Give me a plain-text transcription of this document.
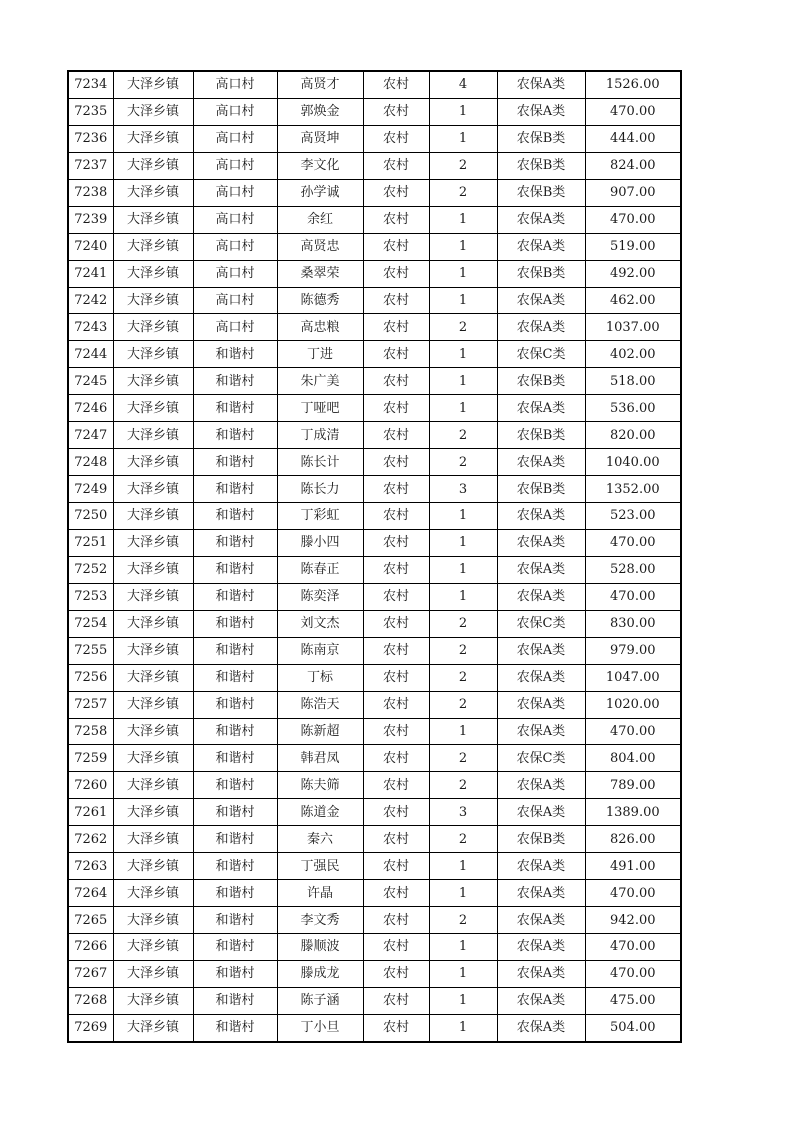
7234	大泽乡镇	高口村	高贤才	农村	4	农保A类	1526.00
7235	大泽乡镇	高口村	郭焕金	农村	1	农保A类	470.00
7236	大泽乡镇	高口村	高贤坤	农村	1	农保B类	444.00
7237	大泽乡镇	高口村	李文化	农村	2	农保B类	824.00
7238	大泽乡镇	高口村	孙学诚	农村	2	农保B类	907.00
7239	大泽乡镇	高口村	余红	农村	1	农保A类	470.00
7240	大泽乡镇	高口村	高贤忠	农村	1	农保A类	519.00
7241	大泽乡镇	高口村	桑翠荣	农村	1	农保B类	492.00
7242	大泽乡镇	高口村	陈德秀	农村	1	农保A类	462.00
7243	大泽乡镇	高口村	高忠粮	农村	2	农保A类	1037.00
7244	大泽乡镇	和谐村	丁进	农村	1	农保C类	402.00
7245	大泽乡镇	和谐村	朱广美	农村	1	农保B类	518.00
7246	大泽乡镇	和谐村	丁哑吧	农村	1	农保A类	536.00
7247	大泽乡镇	和谐村	丁成清	农村	2	农保B类	820.00
7248	大泽乡镇	和谐村	陈长计	农村	2	农保A类	1040.00
7249	大泽乡镇	和谐村	陈长力	农村	3	农保B类	1352.00
7250	大泽乡镇	和谐村	丁彩虹	农村	1	农保A类	523.00
7251	大泽乡镇	和谐村	滕小四	农村	1	农保A类	470.00
7252	大泽乡镇	和谐村	陈春正	农村	1	农保A类	528.00
7253	大泽乡镇	和谐村	陈奕泽	农村	1	农保A类	470.00
7254	大泽乡镇	和谐村	刘文杰	农村	2	农保C类	830.00
7255	大泽乡镇	和谐村	陈南京	农村	2	农保A类	979.00
7256	大泽乡镇	和谐村	丁标	农村	2	农保A类	1047.00
7257	大泽乡镇	和谐村	陈浩天	农村	2	农保A类	1020.00
7258	大泽乡镇	和谐村	陈新超	农村	1	农保A类	470.00
7259	大泽乡镇	和谐村	韩君凤	农村	2	农保C类	804.00
7260	大泽乡镇	和谐村	陈夫筛	农村	2	农保A类	789.00
7261	大泽乡镇	和谐村	陈道金	农村	3	农保A类	1389.00
7262	大泽乡镇	和谐村	秦六	农村	2	农保B类	826.00
7263	大泽乡镇	和谐村	丁强民	农村	1	农保A类	491.00
7264	大泽乡镇	和谐村	许晶	农村	1	农保A类	470.00
7265	大泽乡镇	和谐村	李文秀	农村	2	农保A类	942.00
7266	大泽乡镇	和谐村	滕顺波	农村	1	农保A类	470.00
7267	大泽乡镇	和谐村	滕成龙	农村	1	农保A类	470.00
7268	大泽乡镇	和谐村	陈子涵	农村	1	农保A类	475.00
7269	大泽乡镇	和谐村	丁小旦	农村	1	农保A类	504.00
